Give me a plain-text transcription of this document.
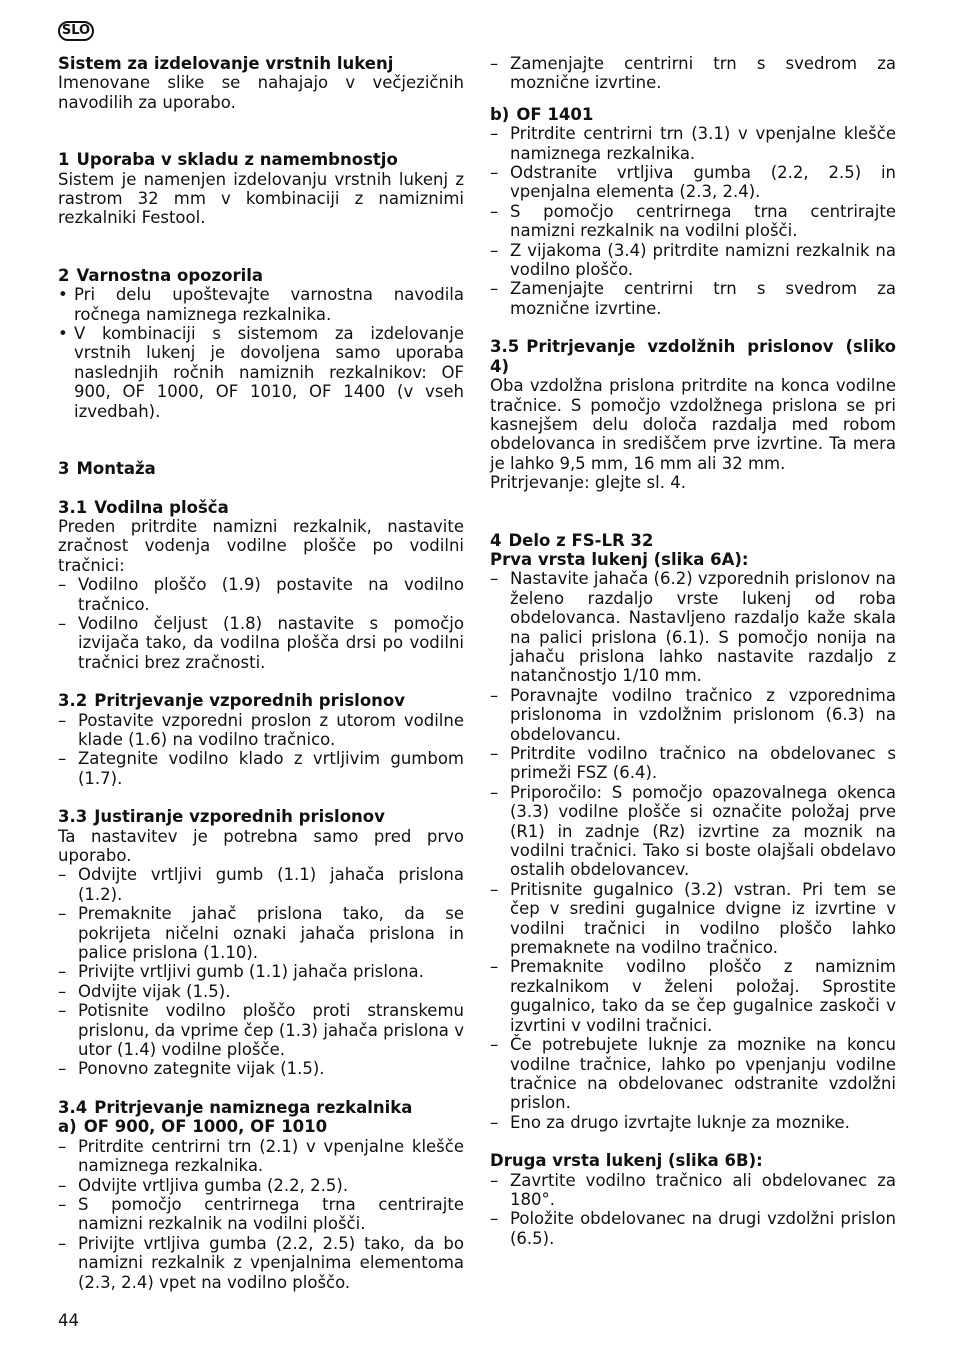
SLO

Sistem za izdelovanje vrstnih lukenj

Imenovane slike se nahajajo v večjezičnih navodilih za uporabo.

1 Uporaba v skladu z namembnostjo

Sistem je namenjen izdelovanju vrstnih lukenj z rastrom 32 mm v kombinaciji z namiznimi rezkalniki Festool.

2 Varnostna opozorila

• Pri delu upoštevajte varnostna navodila ročnega namiznega rezkalnika.
• V kombinaciji s sistemom za izdelovanje vrstnih lukenj je dovoljena samo uporaba naslednjih ročnih namiznih rezkalnikov: OF 900, OF 1000, OF 1010, OF 1400 (v vseh izvedbah).

3 Montaža

3.1 Vodilna plošča

Preden pritrdite namizni rezkalnik, nastavite zračnost vodenja vodilne plošče po vodilni tračnici:

– Vodilno ploščo (1.9) postavite na vodilno tračnico.
– Vodilno čeljust (1.8) nastavite s pomočjo izvijača tako, da vodilna plošča drsi po vodilni tračnici brez zračnosti.

3.2 Pritrjevanje vzporednih prislonov

– Postavite vzporedni proslon z utorom vodilne klade (1.6) na vodilno tračnico.
– Zategnite vodilno klado z vrtljivim gumbom (1.7).

3.3 Justiranje vzporednih prislonov

Ta nastavitev je potrebna samo pred prvo uporabo.

– Odvijte vrtljivi gumb (1.1) jahača prislona (1.2).
– Premaknite jahač prislona tako, da se pokrijeta ničelni oznaki jahača prislona in palice prislona (1.10).
– Privijte vrtljivi gumb (1.1) jahača prislona.
– Odvijte vijak (1.5).
– Potisnite vodilno ploščo proti stranskemu prislonu, da vprime čep (1.3) jahača prislona v utor (1.4) vodilne plošče.
– Ponovno zategnite vijak (1.5).

3.4 Pritrjevanje namiznega rezkalnika

a) OF 900, OF 1000, OF 1010

– Pritrdite centrirni trn (2.1) v vpenjalne klešče namiznega rezkalnika.
– Odvijte vrtljiva gumba (2.2, 2.5).
– S pomočjo centrirnega trna centrirajte namizni rezkalnik na vodilni plošči.
– Privijte vrtljiva gumba (2.2, 2.5) tako, da bo namizni rezkalnik z vpenjalnima elementoma (2.3, 2.4) vpet na vodilno ploščo.
– Zamenjajte centrirni trn s svedrom za moznične izvrtine.

b) OF 1401

– Pritrdite centrirni trn (3.1) v vpenjalne klešče namiznega rezkalnika.
– Odstranite vrtljiva gumba (2.2, 2.5) in vpenjalna elementa (2.3, 2.4).
– S pomočjo centrirnega trna centrirajte namizni rezkalnik na vodilni plošči.
– Z vijakoma (3.4) pritrdite namizni rezkalnik na vodilno ploščo.
– Zamenjajte centrirni trn s svedrom za moznične izvrtine.

3.5 Pritrjevanje vzdolžnih prislonov (sliko 4)

Oba vzdolžna prislona pritrdite na konca vodilne tračnice. S pomočjo vzdolžnega prislona se pri kasnejšem delu določa razdalja med robom obdelovanca in središčem prve izvrtine. Ta mera je lahko 9,5 mm, 16 mm ali 32 mm.

Pritrjevanje: glejte sl. 4.

4 Delo z FS-LR 32

Prva vrsta lukenj (slika 6A):

– Nastavite jahača (6.2) vzporednih prislonov na želeno razdaljo vrste lukenj od roba obdelovanca. Nastavljeno razdaljo kaže skala na palici prislona (6.1). S pomočjo nonija na jahaču prislona lahko nastavite razdaljo z natančnostjo 1/10 mm.
– Poravnajte vodilno tračnico z vzporednima prislonoma in vzdolžnim prislonom (6.3) na obdelovancu.
– Pritrdite vodilno tračnico na obdelovanec s primeži FSZ (6.4).
– Priporočilo: S pomočjo opazovalnega okenca (3.3) vodilne plošče si označite položaj prve (R1) in zadnje (Rz) izvrtine za moznik na vodilni tračnici. Tako si boste olajšali obdelavo ostalih obdelovancev.
– Pritisnite gugalnico (3.2) vstran. Pri tem se čep v sredini gugalnice dvigne iz izvrtine v vodilni tračnici in vodilno ploščo lahko premaknete na vodilno tračnico.
– Premaknite vodilno ploščo z namiznim rezkalnikom v želeni položaj. Sprostite gugalnico, tako da se čep gugalnice zaskoči v izvrtini v vodilni tračnici.
– Če potrebujete luknje za moznike na koncu vodilne tračnice, lahko po vpenjanju vodilne tračnice na obdelovanec odstranite vzdolžni prislon.
– Eno za drugo izvrtajte luknje za moznike.

Druga vrsta lukenj (slika 6B):

– Zavrtite vodilno tračnico ali obdelovanec za 180°.
– Položite obdelovanec na drugi vzdolžni prislon (6.5).
44
